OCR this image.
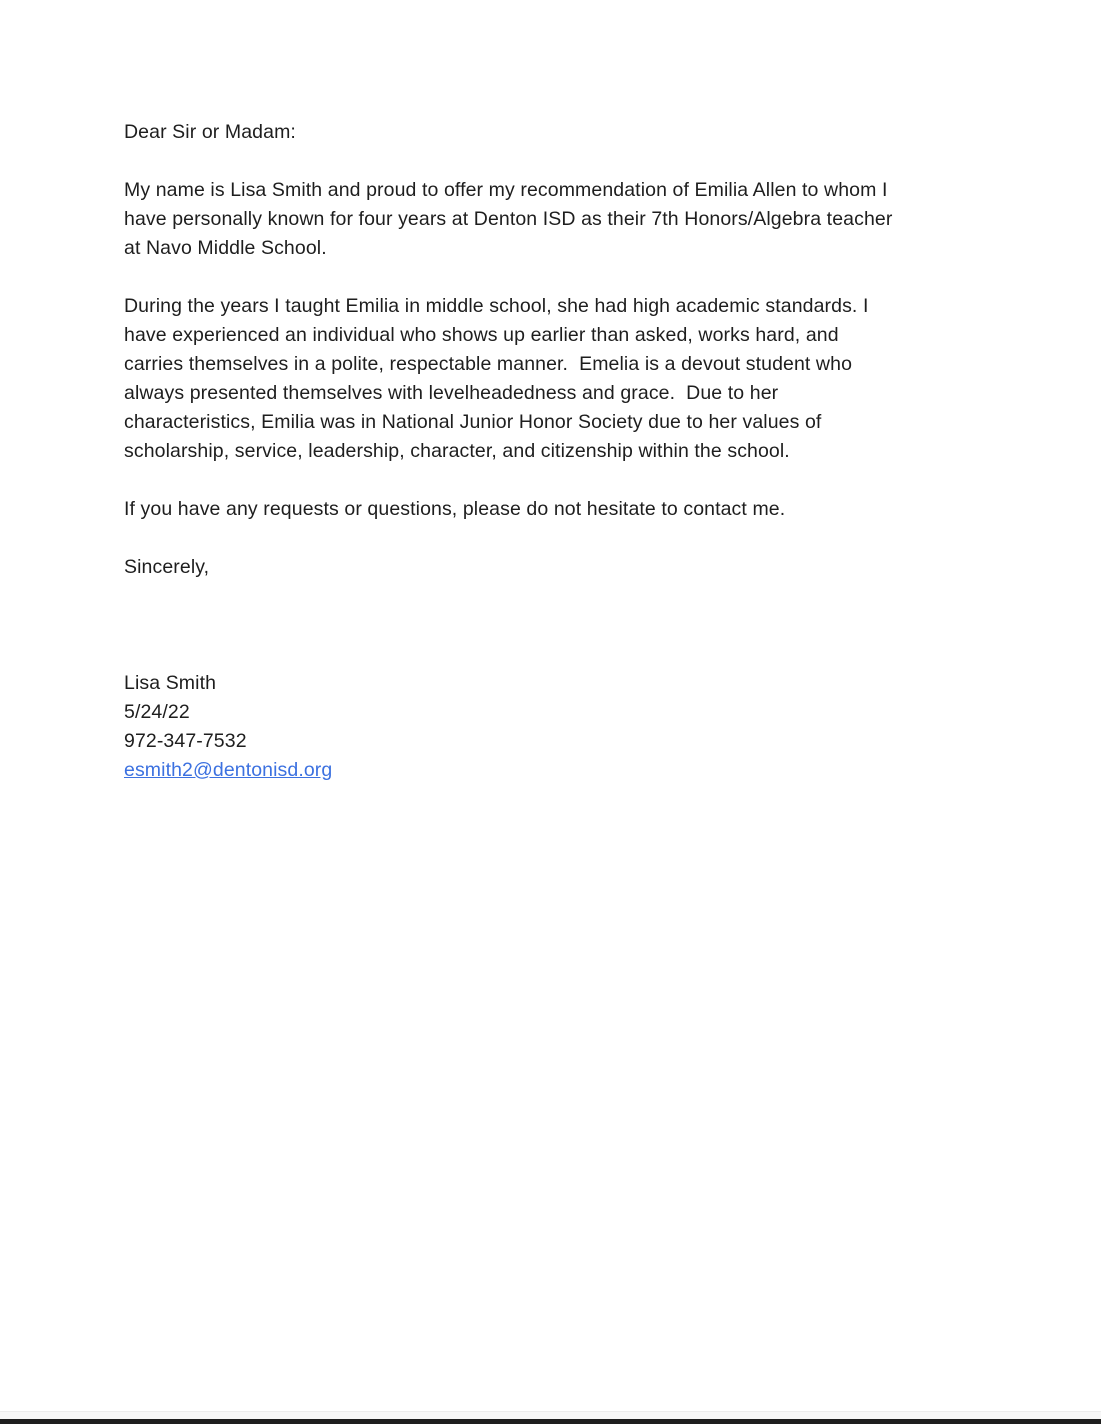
Dear Sir or Madam:

My name is Lisa Smith and proud to offer my recommendation of Emilia Allen to whom I
have personally known for four years at Denton ISD as their 7th Honors/Algebra teacher
at Navo Middle School.

During the years I taught Emilia in middle school, she had high academic standards. I
have experienced an individual who shows up earlier than asked, works hard, and
carries themselves in a polite, respectable manner.  Emelia is a devout student who
always presented themselves with levelheadedness and grace.  Due to her
characteristics, Emilia was in National Junior Honor Society due to her values of
scholarship, service, leadership, character, and citizenship within the school.

If you have any requests or questions, please do not hesitate to contact me.

Sincerely,

Lisa Smith
5/24/22
972-347-7532
esmith2@dentonisd.org
